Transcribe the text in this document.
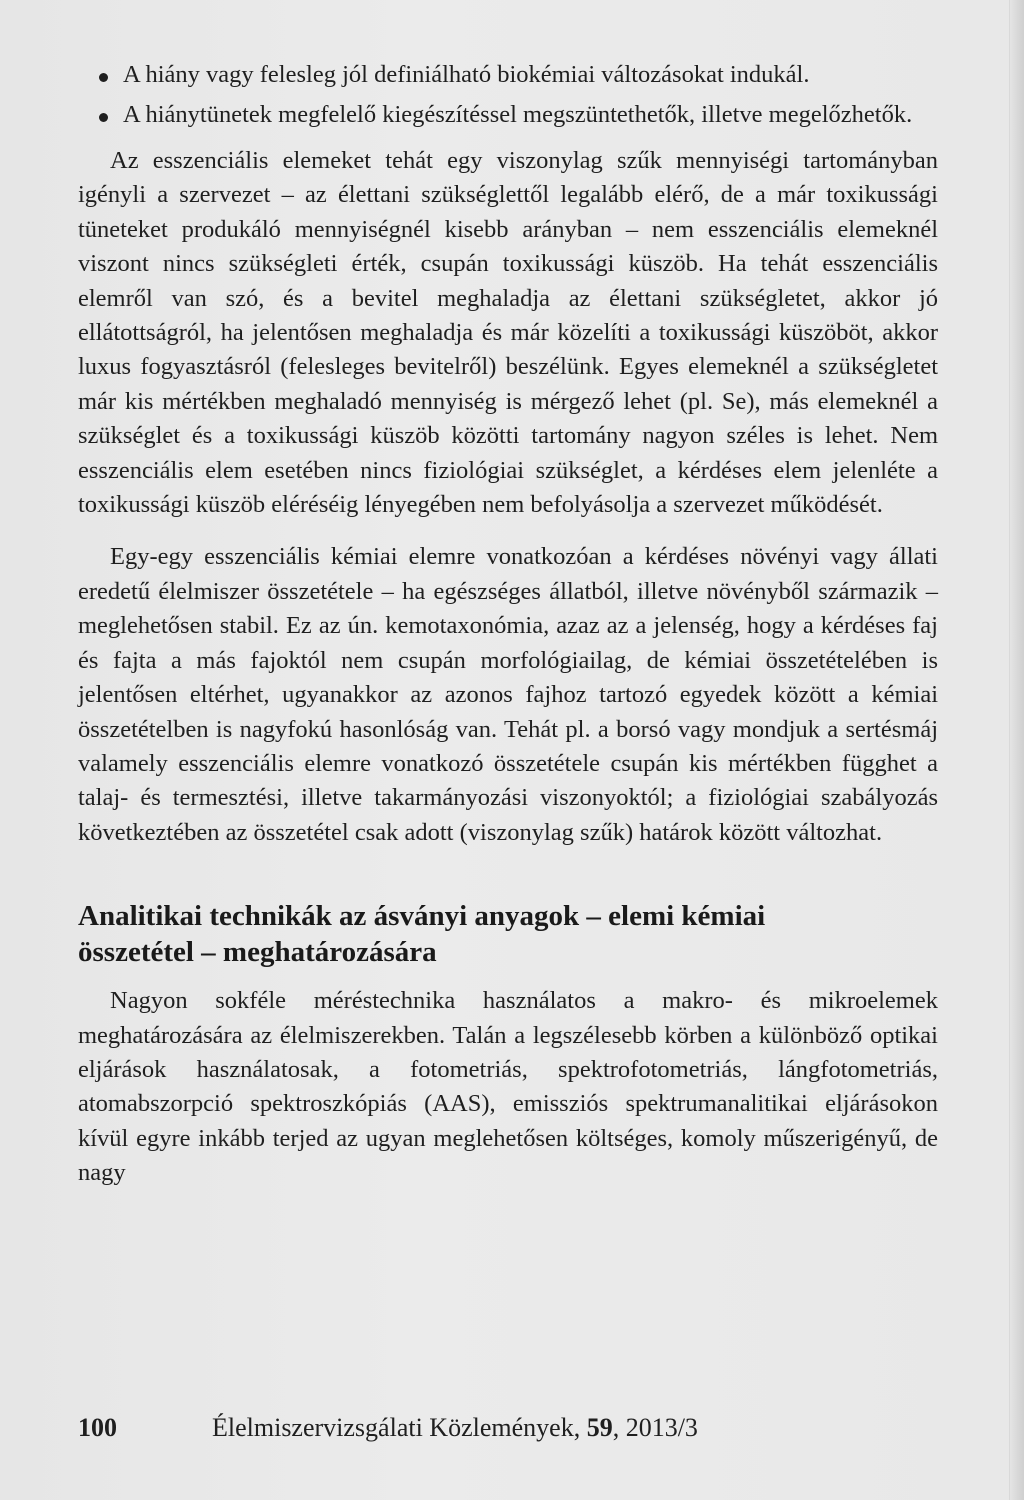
A hiány vagy felesleg jól definiálható biokémiai változásokat indukál.
A hiánytünetek megfelelő kiegészítéssel megszüntethetők, illetve megelőzhetők.

Az esszenciális elemeket tehát egy viszonylag szűk mennyiségi tartományban igényli a szervezet – az élettani szükséglettől legalább elérő, de a már toxikussági tüneteket produkáló mennyiségnél kisebb arányban – nem esszenciális elemeknél viszont nincs szükségleti érték, csupán toxikussági küszöb. Ha tehát esszenciális elemről van szó, és a bevitel meghaladja az élettani szükségletet, akkor jó ellátottságról, ha jelentősen meghaladja és már közelíti a toxikussági küszöböt, akkor luxus fogyasztásról (felesleges bevitelről) beszélünk. Egyes elemeknél a szükségletet már kis mértékben meghaladó mennyiség is mérgező lehet (pl. Se), más elemeknél a szükséglet és a toxikussági küszöb közötti tartomány nagyon széles is lehet. Nem esszenciális elem esetében nincs fiziológiai szükséglet, a kérdéses elem jelenléte a toxikussági küszöb eléréséig lényegében nem befolyásolja a szervezet működését.

Egy-egy esszenciális kémiai elemre vonatkozóan a kérdéses növényi vagy állati eredetű élelmiszer összetétele – ha egészséges állatból, illetve növényből származik – meglehetősen stabil. Ez az ún. kemotaxonómia, azaz az a jelenség, hogy a kérdéses faj és fajta a más fajoktól nem csupán morfológiailag, de kémiai összetételében is jelentősen eltérhet, ugyanakkor az azonos fajhoz tartozó egyedek között a kémiai összetételben is nagyfokú hasonlóság van. Tehát pl. a borsó vagy mondjuk a sertésmáj valamely esszenciális elemre vonatkozó összetétele csupán kis mértékben függhet a talaj- és termesztési, illetve takarmányozási viszonyoktól; a fiziológiai szabályozás következtében az összetétel csak adott (viszonylag szűk) határok között változhat.

Analitikai technikák az ásványi anyagok – elemi kémiai
összetétel – meghatározására

Nagyon sokféle méréstechnika használatos a makro- és mikroelemek meghatározására az élelmiszerekben. Talán a legszélesebb körben a különböző optikai eljárások használatosak, a fotometriás, spektrofotometriás, lángfotometriás, atomabszorpció spektroszkópiás (AAS), emissziós spektrumanalitikai eljárásokon kívül egyre inkább terjed az ugyan meglehetősen költséges, komoly műszerigényű, de nagy

100	Élelmiszervizsgálati Közlemények, 59, 2013/3
